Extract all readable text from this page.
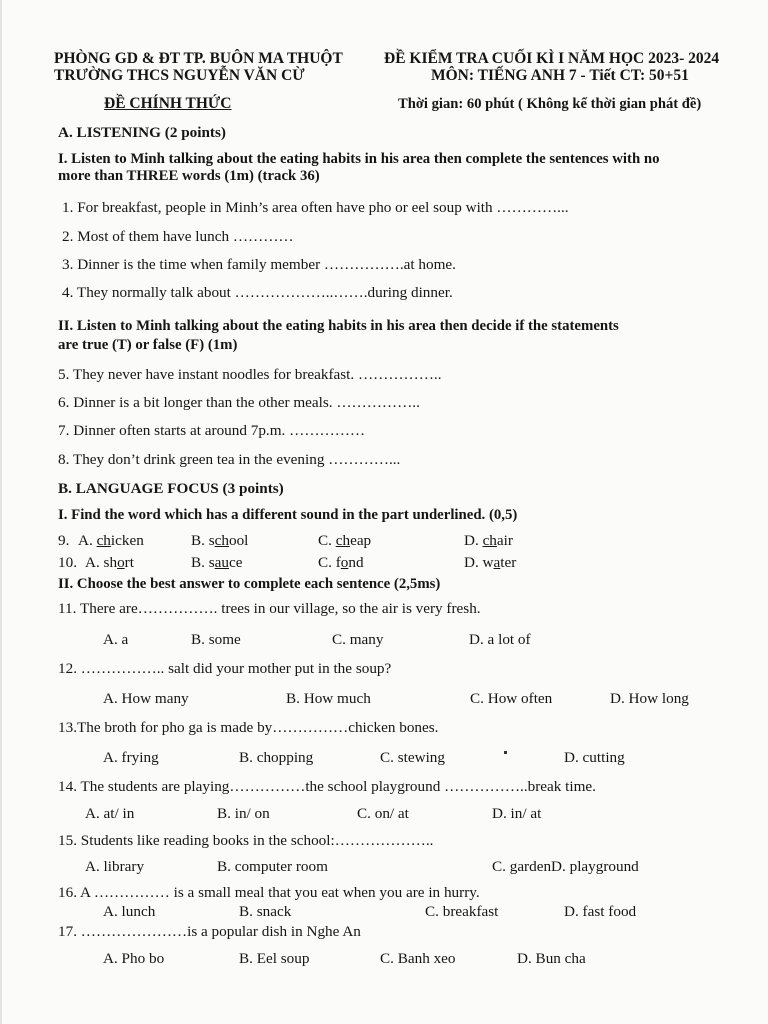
PHÒNG GD & ĐT TP. BUÔN MA THUỘT
TRƯỜNG THCS NGUYỄN VĂN CỪ
ĐỀ KIỂM TRA CUỐI KÌ I NĂM HỌC 2023- 2024
MÔN: TIẾNG ANH 7 - Tiết CT: 50+51
ĐỀ CHÍNH THỨC	Thời gian: 60 phút ( Không kể thời gian phát đề)
A. LISTENING (2 points)
I. Listen to Minh talking about the eating habits in his area then complete the sentences with no
more than THREE words (1m) (track 36)
1. For breakfast, people in Minh’s area often have pho or eel soup with …………...
2. Most of them have lunch …………
3. Dinner is the time when family member …………….at home.
4. They normally talk about ………………..…….during dinner.
II. Listen to Minh talking about the eating habits in his area then decide if the statements
are true (T) or false (F) (1m)
5. They never have instant noodles for breakfast. ……………..
6. Dinner is a bit longer than the other meals. ……………..
7. Dinner often starts at around 7p.m. ……………
8. They don’t drink green tea in the evening …………...
B. LANGUAGE FOCUS (3 points)
I. Find the word which has a different sound in the part underlined. (0,5)
9. A. chicken	B. school	C. cheap	D. chair
10. A. short	B. sauce	C. fond	D. water
II. Choose the best answer to complete each sentence (2,5ms)
11. There are……………. trees in our village, so the air is very fresh.
A. a	B. some	C. many	D. a lot of
12. …………….. salt did your mother put in the soup?
A. How many	B. How much	C. How often	D. How long
13.The broth for pho ga is made by……………chicken bones.
A. frying	B. chopping	C. stewing	D. cutting
14. The students are playing……………the school playground ……………..break time.
A. at/ in	B. in/ on	C. on/ at	D. in/ at
15. Students like reading books in the school:………………..
A. library	B. computer room	C. gardenD. playground
16. A …………… is a small meal that you eat when you are in hurry.
A. lunch	B. snack	C. breakfast	D. fast food
17. …………………is a popular dish in Nghe An
A. Pho bo	B. Eel soup	C. Banh xeo	D. Bun cha
